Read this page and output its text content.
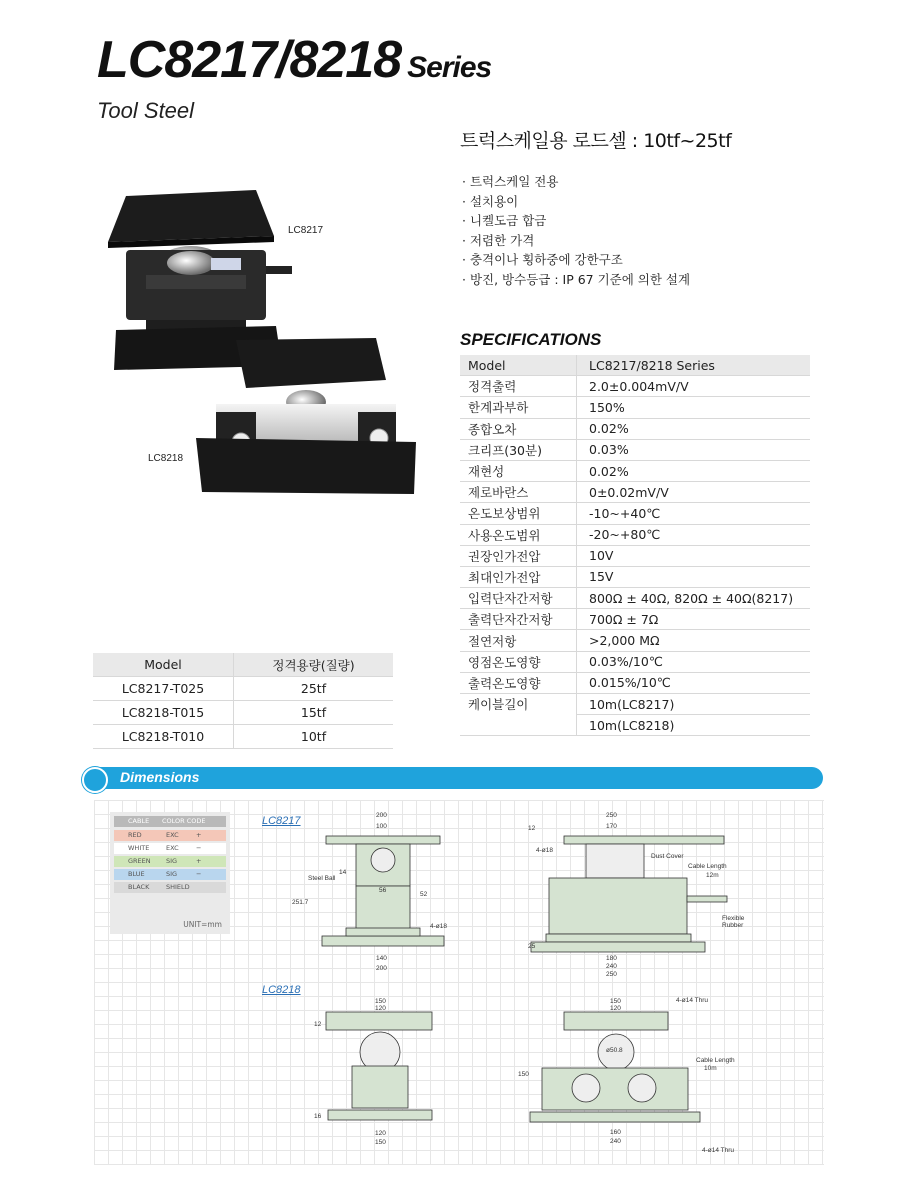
LC8217/8218 Series
Tool Steel
트럭스케일용 로드셀 : 10tf~25tf
· 트럭스케일 전용
· 설치용이
· 니켈도금 합금
· 저렴한 가격
· 충격이나 횡하중에 강한구조
· 방진, 방수등급 : IP 67 기준에 의한 설계
LC8217
LC8218
SPECIFICATIONS
Model	LC8217/8218 Series
정격출력	2.0±0.004mV/V
한계과부하	150%
종합오차	0.02%
크리프(30분)	0.03%
재현성	0.02%
제로바란스	0±0.02mV/V
온도보상범위	-10~+40℃
사용온도범위	-20~+80℃
권장인가전압	10V
최대인가전압	15V
입력단자간저항	800Ω ± 40Ω, 820Ω ± 40Ω(8217)
출력단자간저항	700Ω ± 7Ω
절연저항	>2,000 MΩ
영점온도영향	0.03%/10℃
출력온도영향	0.015%/10℃
케이블길이	10m(LC8217)
	10m(LC8218)
Model	정격용량(질량)
LC8217-T025	25tf
LC8218-T015	15tf
LC8218-T010	10tf
Dimensions
CABLE COLOR CODE
RED	EXC	+
WHITE	EXC	−
GREEN SIG	+
BLUE	SIG	−
BLACK	SHIELD
UNIT=mm
LC8217
LC8218
200
100
Steel Ball
56
52
14
251.7
4-ø18
140
200
250
170
12
4-ø18
Dust Cover
Cable Length
12m
Flexible
Rubber
25
180
240
250
150
120
12
16
120
150
150
120
4-ø14 Thru
ø50.8
Cable Length
10m
150
160
240
4-ø14 Thru
